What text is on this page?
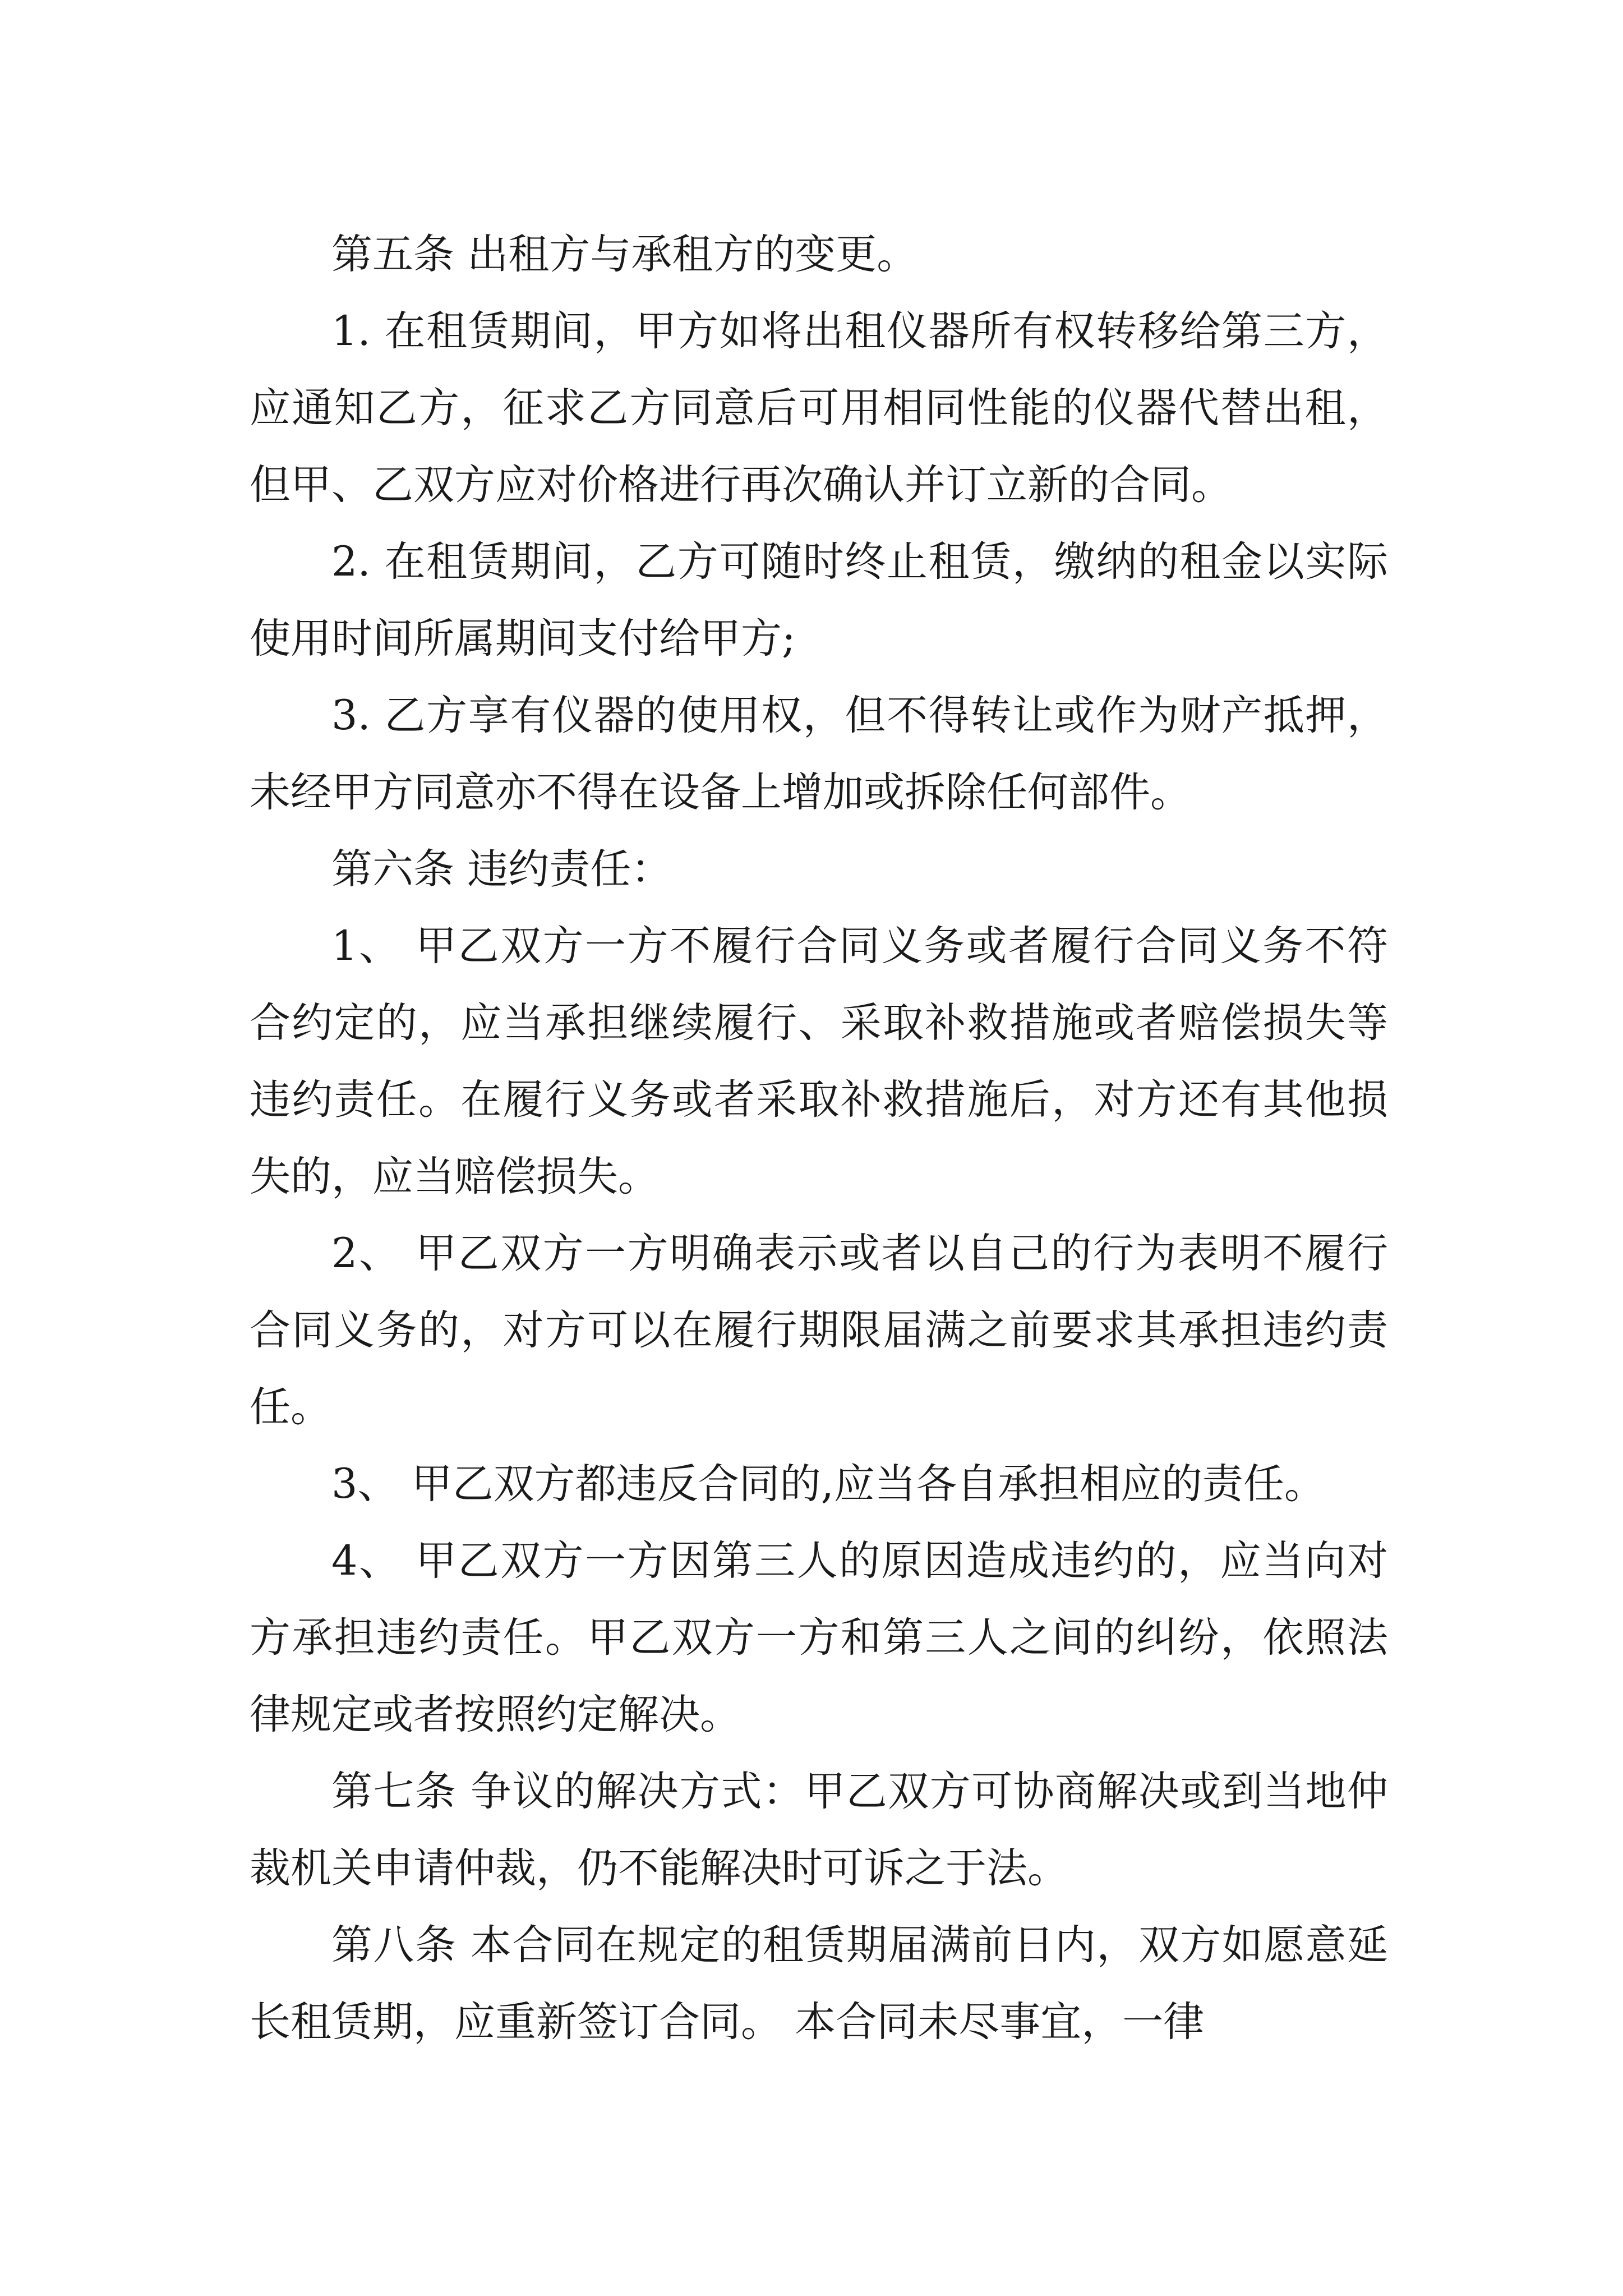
第五条 出租方与承租方的变更。

1. 在租赁期间，甲方如将出租仪器所有权转移给第三方，应通知乙方，征求乙方同意后可用相同性能的仪器代替出租，但甲、乙双方应对价格进行再次确认并订立新的合同。

2. 在租赁期间，乙方可随时终止租赁，缴纳的租金以实际使用时间所属期间支付给甲方;

3. 乙方享有仪器的使用权，但不得转让或作为财产抵押，未经甲方同意亦不得在设备上增加或拆除任何部件。

第六条 违约责任：

1、 甲乙双方一方不履行合同义务或者履行合同义务不符合约定的，应当承担继续履行、采取补救措施或者赔偿损失等违约责任。在履行义务或者采取补救措施后，对方还有其他损失的，应当赔偿损失。

2、 甲乙双方一方明确表示或者以自己的行为表明不履行合同义务的，对方可以在履行期限届满之前要求其承担违约责任。

3、 甲乙双方都违反合同的,应当各自承担相应的责任。

4、 甲乙双方一方因第三人的原因造成违约的，应当向对方承担违约责任。甲乙双方一方和第三人之间的纠纷，依照法律规定或者按照约定解决。

第七条 争议的解决方式：甲乙双方可协商解决或到当地仲裁机关申请仲裁，仍不能解决时可诉之于法。

第八条 本合同在规定的租赁期届满前日内，双方如愿意延长租赁期，应重新签订合同。 本合同未尽事宜，一律
